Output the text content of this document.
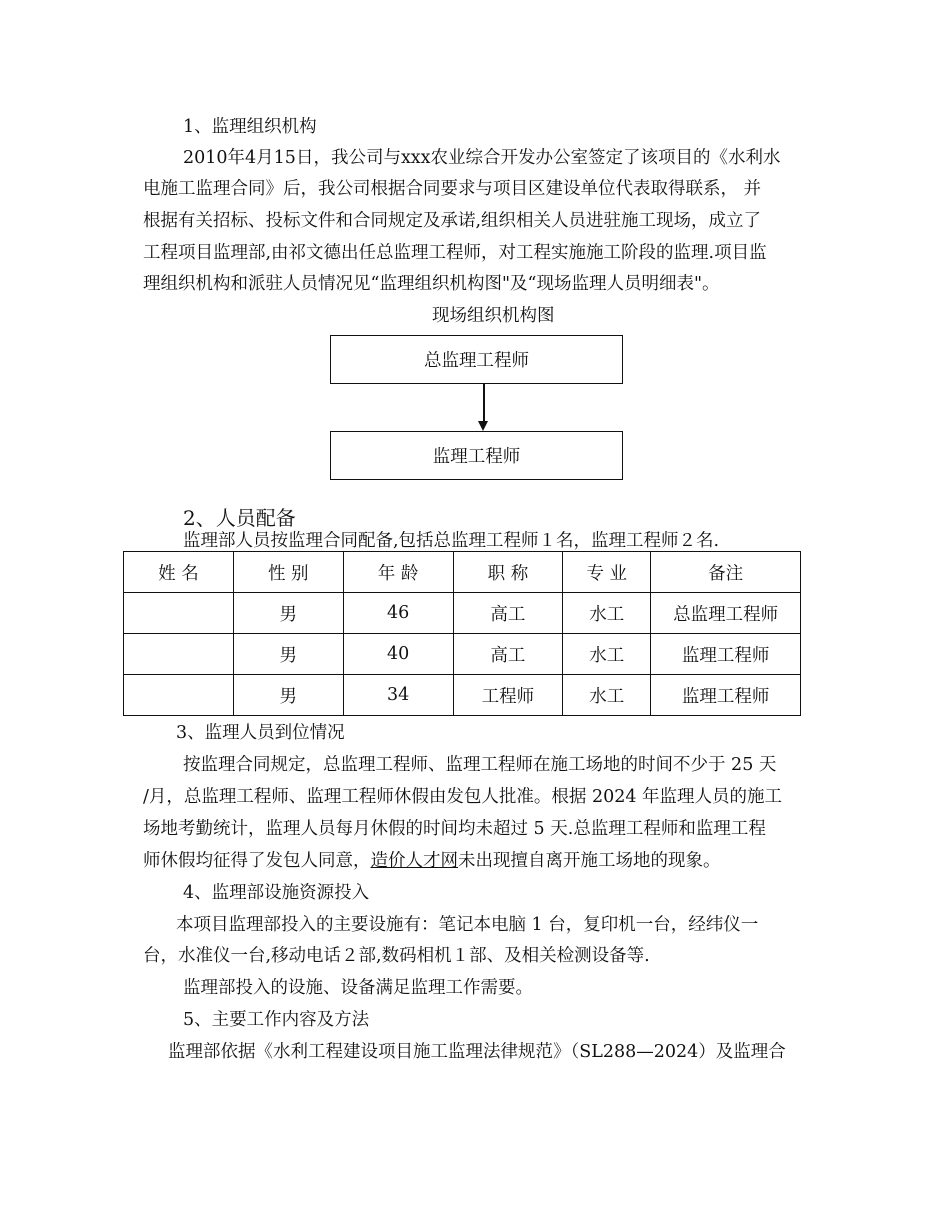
1、监理组织机构
2010年4月15日，我公司与xxx农业综合开发办公室签定了该项目的《水利水
电施工监理合同》后，我公司根据合同要求与项目区建设单位代表取得联系， 并
根据有关招标、投标文件和合同规定及承诺,组织相关人员进驻施工现场，成立了
工程项目监理部,由祁文德出任总监理工程师，对工程实施施工阶段的监理.项目监
理组织机构和派驻人员情况见“监理组织机构图"及“现场监理人员明细表"。
现场组织机构图
总监理工程师
监理工程师
2、人员配备
监理部人员按监理合同配备,包括总监理工程师１名，监理工程师２名.
姓 名	性 别	年 龄	职 称	专 业	备注
	男	46	高工	水工	总监理工程师
	男	40	高工	水工	监理工程师
	男	34	工程师	水工	监理工程师
3、监理人员到位情况
按监理合同规定，总监理工程师、监理工程师在施工场地的时间不少于 25 天
/月，总监理工程师、监理工程师休假由发包人批准。根据 2024 年监理人员的施工
场地考勤统计，监理人员每月休假的时间均未超过 5 天.总监理工程师和监理工程
师休假均征得了发包人同意，造价人才网未出现擅自离开施工场地的现象。
4、监理部设施资源投入
本项目监理部投入的主要设施有：笔记本电脑 1 台，复印机一台，经纬仪一
台，水准仪一台,移动电话２部,数码相机１部、及相关检测设备等.
监理部投入的设施、设备满足监理工作需要。
5、主要工作内容及方法
监理部依据《水利工程建设项目施工监理法律规范》（SL288—2024）及监理合
